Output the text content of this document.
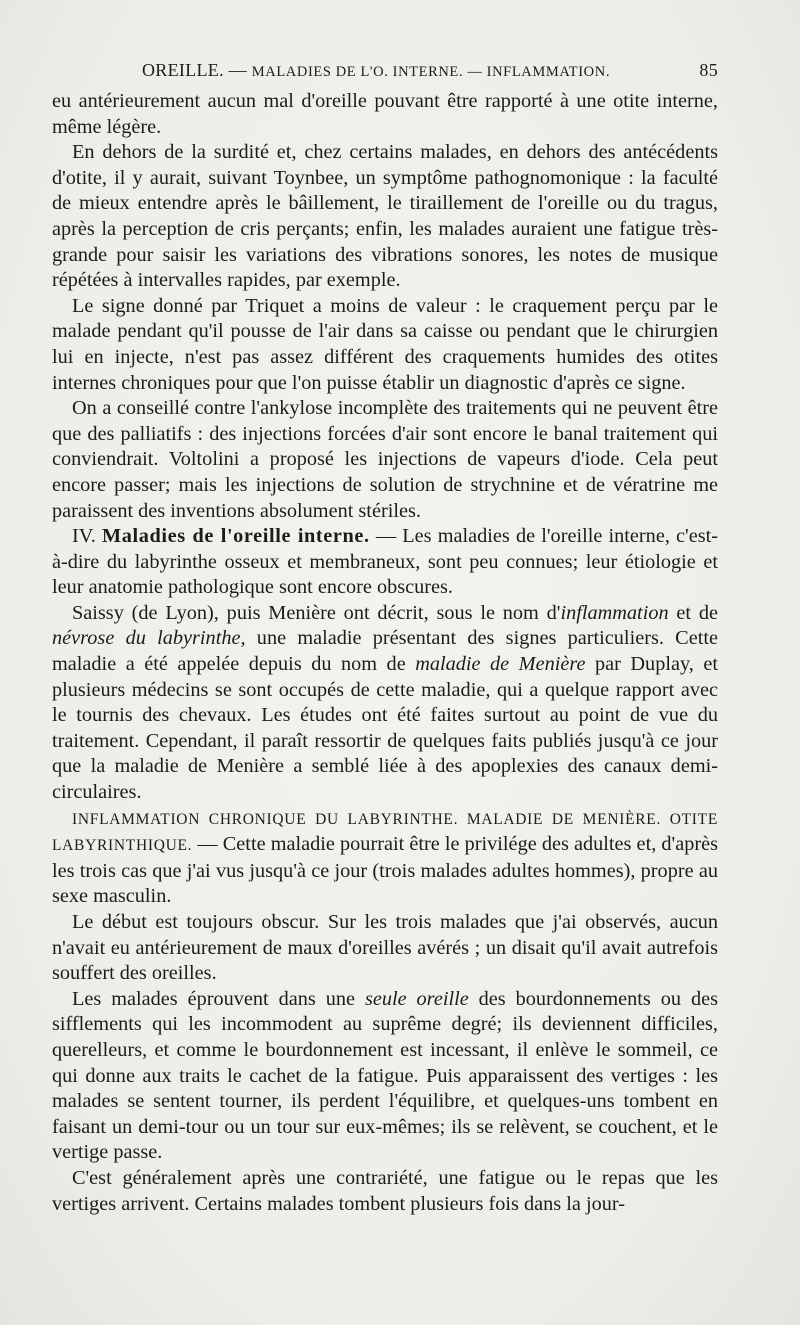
OREILLE. — MALADIES DE L'O. INTERNE. — INFLAMMATION.	85

eu antérieurement aucun mal d'oreille pouvant être rapporté à une otite interne, même légère.

En dehors de la surdité et, chez certains malades, en dehors des antécédents d'otite, il y aurait, suivant Toynbee, un symptôme pathognomonique : la faculté de mieux entendre après le bâillement, le tiraillement de l'oreille ou du tragus, après la perception de cris perçants; enfin, les malades auraient une fatigue très-grande pour saisir les variations des vibrations sonores, les notes de musique répétées à intervalles rapides, par exemple.

Le signe donné par Triquet a moins de valeur : le craquement perçu par le malade pendant qu'il pousse de l'air dans sa caisse ou pendant que le chirurgien lui en injecte, n'est pas assez différent des craquements humides des otites internes chroniques pour que l'on puisse établir un diagnostic d'après ce signe.

On a conseillé contre l'ankylose incomplète des traitements qui ne peuvent être que des palliatifs : des injections forcées d'air sont encore le banal traitement qui conviendrait. Voltolini a proposé les injections de vapeurs d'iode. Cela peut encore passer; mais les injections de solution de strychnine et de vératrine me paraissent des inventions absolument stériles.

IV. Maladies de l'oreille interne. — Les maladies de l'oreille interne, c'est-à-dire du labyrinthe osseux et membraneux, sont peu connues; leur étiologie et leur anatomie pathologique sont encore obscures.

Saissy (de Lyon), puis Menière ont décrit, sous le nom d'inflammation et de névrose du labyrinthe, une maladie présentant des signes particuliers. Cette maladie a été appelée depuis du nom de maladie de Menière par Duplay, et plusieurs médecins se sont occupés de cette maladie, qui a quelque rapport avec le tournis des chevaux. Les études ont été faites surtout au point de vue du traitement. Cependant, il paraît ressortir de quelques faits publiés jusqu'à ce jour que la maladie de Menière a semblé liée à des apoplexies des canaux demi-circulaires.

INFLAMMATION CHRONIQUE DU LABYRINTHE. MALADIE DE MENIÈRE. OTITE LABYRINTHIQUE. — Cette maladie pourrait être le privilége des adultes et, d'après les trois cas que j'ai vus jusqu'à ce jour (trois malades adultes hommes), propre au sexe masculin.

Le début est toujours obscur. Sur les trois malades que j'ai observés, aucun n'avait eu antérieurement de maux d'oreilles avérés ; un disait qu'il avait autrefois souffert des oreilles.

Les malades éprouvent dans une seule oreille des bourdonnements ou des sifflements qui les incommodent au suprême degré; ils deviennent difficiles, querelleurs, et comme le bourdonnement est incessant, il enlève le sommeil, ce qui donne aux traits le cachet de la fatigue. Puis apparaissent des vertiges : les malades se sentent tourner, ils perdent l'équilibre, et quelques-uns tombent en faisant un demi-tour ou un tour sur eux-mêmes; ils se relèvent, se couchent, et le vertige passe.

C'est généralement après une contrariété, une fatigue ou le repas que les vertiges arrivent. Certains malades tombent plusieurs fois dans la jour-
